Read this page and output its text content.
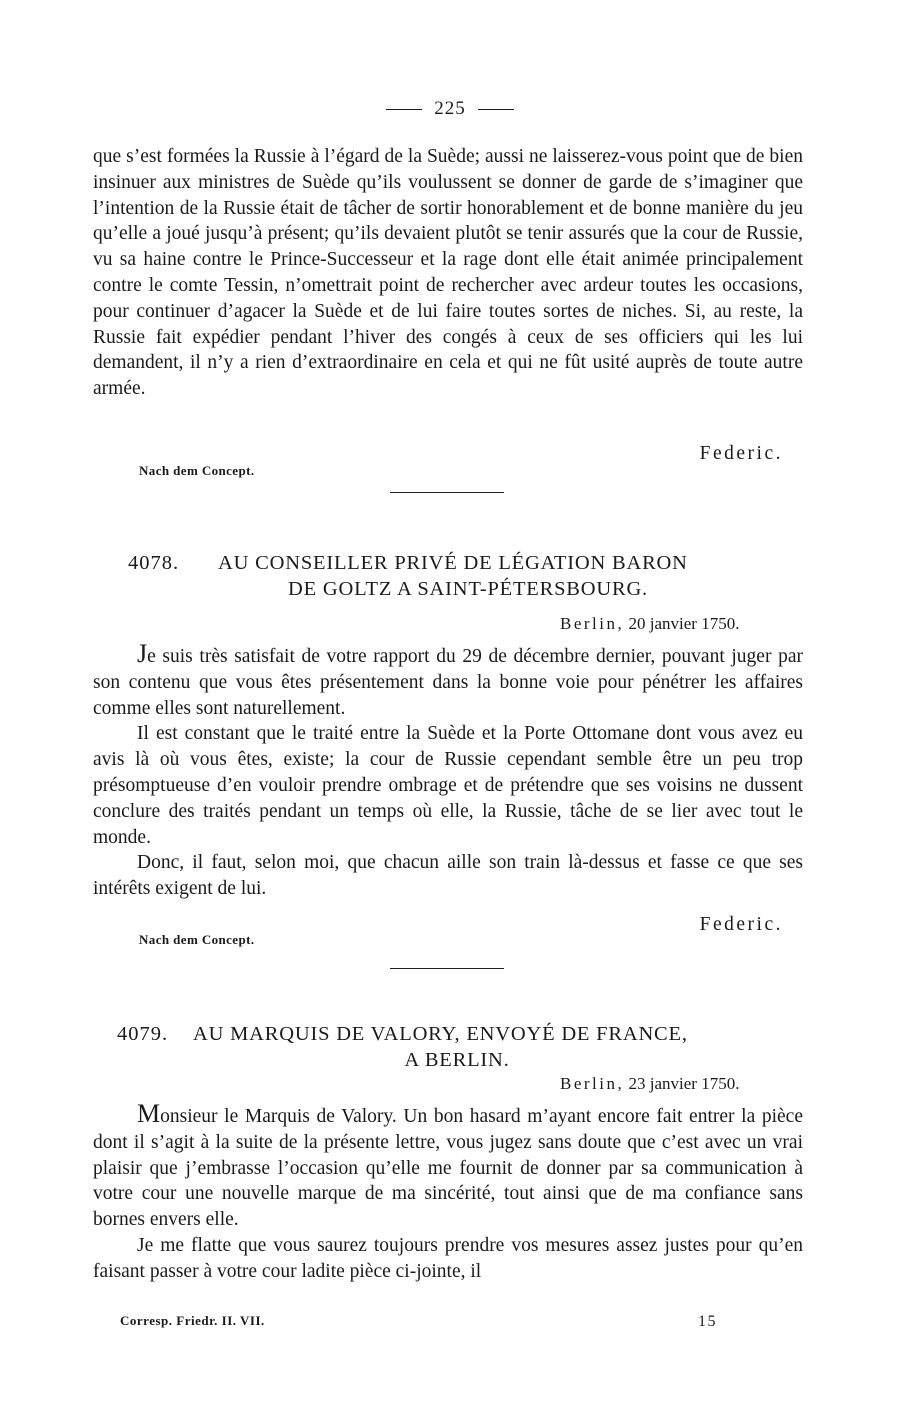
225

que s’est formées la Russie à l’égard de la Suède; aussi ne laisserez-vous point que de bien insinuer aux ministres de Suède qu’ils voulussent se donner de garde de s’imaginer que l’intention de la Russie était de tâcher de sortir honorablement et de bonne manière du jeu qu’elle a joué jusqu’à présent; qu’ils devaient plutôt se tenir assurés que la cour de Russie, vu sa haine contre le Prince-Successeur et la rage dont elle était animée principalement contre le comte Tessin, n’omettrait point de rechercher avec ardeur toutes les occasions, pour continuer d’agacer la Suède et de lui faire toutes sortes de niches. Si, au reste, la Russie fait expédier pendant l’hiver des congés à ceux de ses officiers qui les lui demandent, il n’y a rien d’extraordinaire en cela et qui ne fût usité auprès de toute autre armée.

Federic.
Nach dem Concept.
4078. AU CONSEILLER PRIVÉ DE LÉGATION BARON
DE GOLTZ A SAINT-PÉTERSBOURG.
Berlin, 20 janvier 1750.

Je suis très satisfait de votre rapport du 29 de décembre dernier, pouvant juger par son contenu que vous êtes présentement dans la bonne voie pour pénétrer les affaires comme elles sont naturellement.

Il est constant que le traité entre la Suède et la Porte Ottomane dont vous avez eu avis là où vous êtes, existe; la cour de Russie cependant semble être un peu trop présomptueuse d’en vouloir prendre ombrage et de prétendre que ses voisins ne dussent conclure des traités pendant un temps où elle, la Russie, tâche de se lier avec tout le monde.

Donc, il faut, selon moi, que chacun aille son train là-dessus et fasse ce que ses intérêts exigent de lui.

Federic.
Nach dem Concept.
4079. AU MARQUIS DE VALORY, ENVOYÉ DE FRANCE,
A BERLIN.
Berlin, 23 janvier 1750.

Monsieur le Marquis de Valory. Un bon hasard m’ayant encore fait entrer la pièce dont il s’agit à la suite de la présente lettre, vous jugez sans doute que c’est avec un vrai plaisir que j’embrasse l’occasion qu’elle me fournit de donner par sa communication à votre cour une nouvelle marque de ma sincérité, tout ainsi que de ma confiance sans bornes envers elle.

Je me flatte que vous saurez toujours prendre vos mesures assez justes pour qu’en faisant passer à votre cour ladite pièce ci-jointe, il

Corresp. Friedr. II. VII.	15
